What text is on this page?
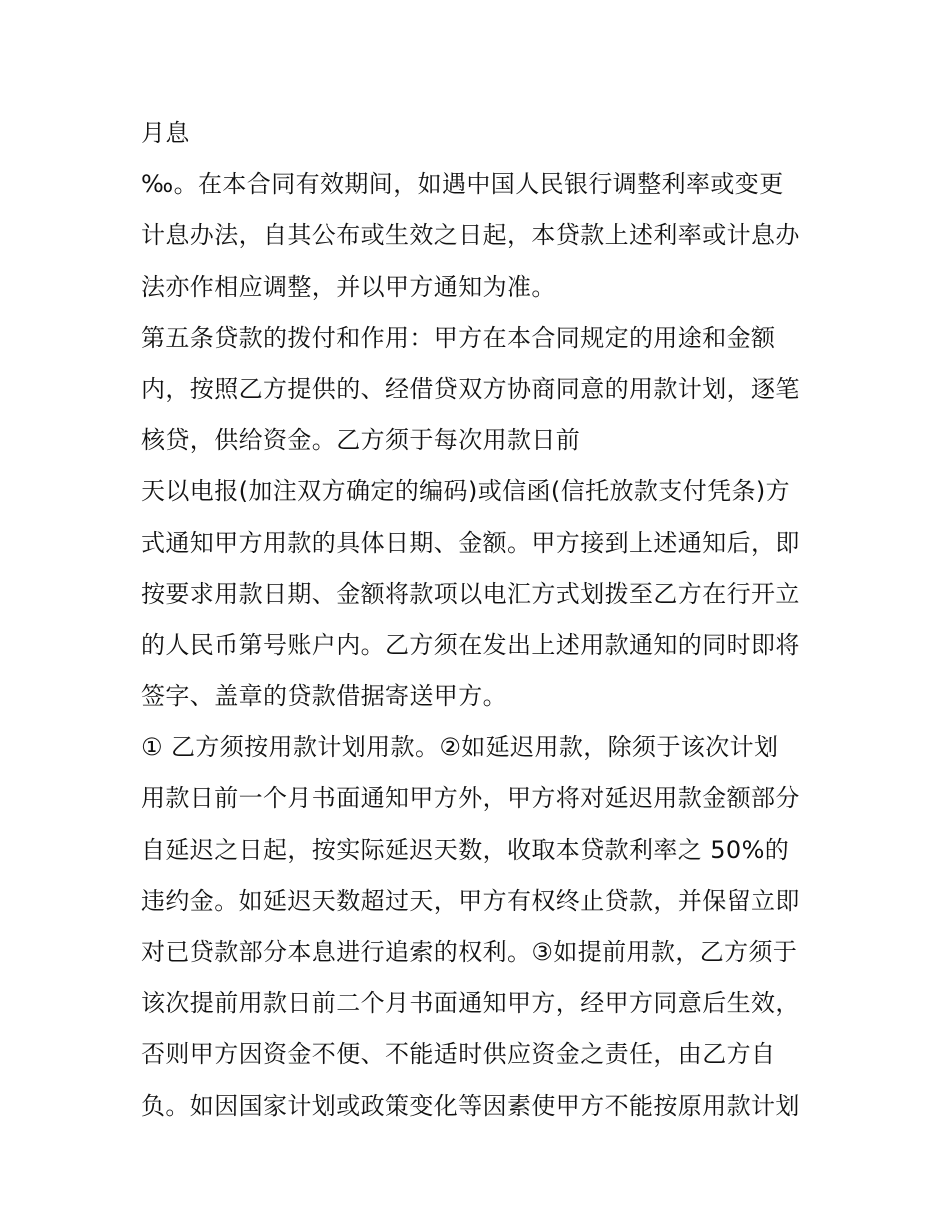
月息
‰。在本合同有效期间，如遇中国人民银行调整利率或变更
计息办法，自其公布或生效之日起，本贷款上述利率或计息办
法亦作相应调整，并以甲方通知为准。
第五条贷款的拨付和作用：甲方在本合同规定的用途和金额
内，按照乙方提供的、经借贷双方协商同意的用款计划，逐笔
核贷，供给资金。乙方须于每次用款日前
天以电报(加注双方确定的编码)或信函(信托放款支付凭条)方
式通知甲方用款的具体日期、金额。甲方接到上述通知后，即
按要求用款日期、金额将款项以电汇方式划拨至乙方在行开立
的人民币第号账户内。乙方须在发出上述用款通知的同时即将
签字、盖章的贷款借据寄送甲方。
① 乙方须按用款计划用款。②如延迟用款，除须于该次计划
用款日前一个月书面通知甲方外，甲方将对延迟用款金额部分
自延迟之日起，按实际延迟天数，收取本贷款利率之 50%的
违约金。如延迟天数超过天，甲方有权终止贷款，并保留立即
对已贷款部分本息进行追索的权利。③如提前用款，乙方须于
该次提前用款日前二个月书面通知甲方，经甲方同意后生效，
否则甲方因资金不便、不能适时供应资金之责任，由乙方自
负。如因国家计划或政策变化等因素使甲方不能按原用款计划
